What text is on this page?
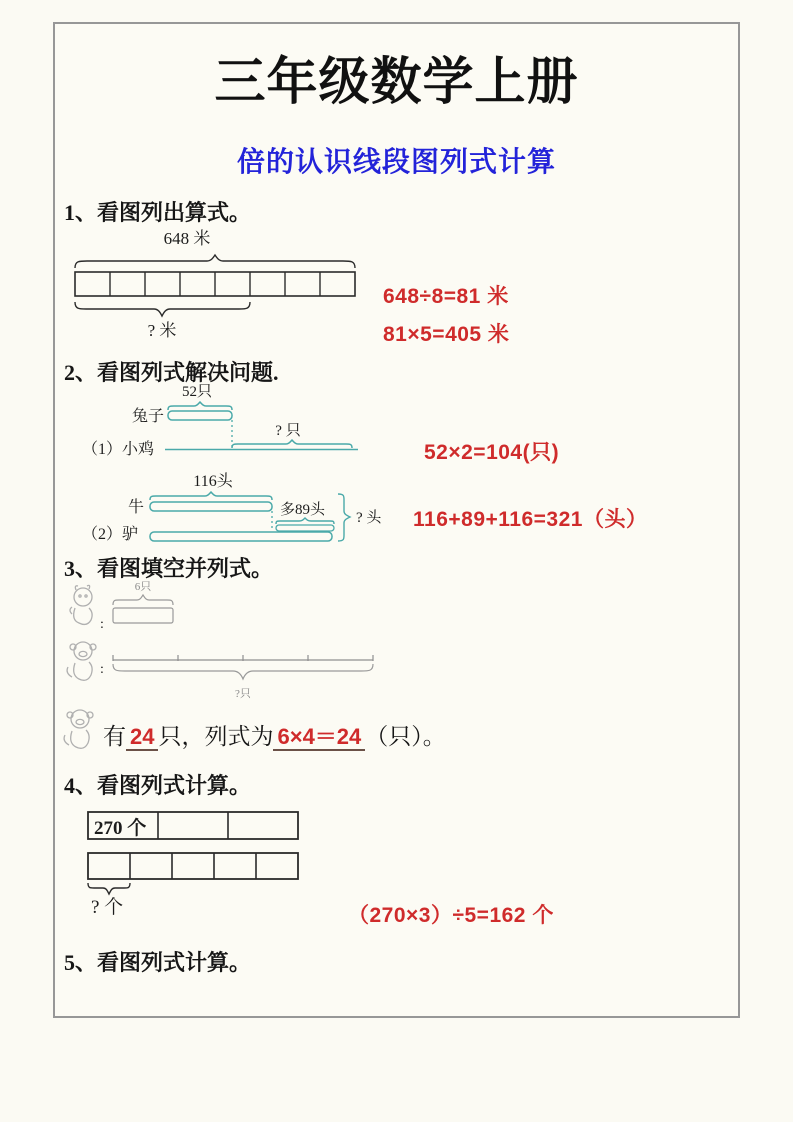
三年级数学上册
倍的认识线段图列式计算
1、看图列出算式。
648 米
? 米
648÷8=81 米
81×5=405 米
2、看图列式解决问题.
52只
兔子
? 只
（1）小鸡	52×2=104(只)
116头
牛	多89头
（2）驴
? 头 116+89+116=321（头）
3、看图填空并列式。
:
6只
:
?只
有 24 只，列式为 6×4＝24 （只）。
4、看图列式计算。
270 个
? 个	（270×3）÷5=162 个
5、看图列式计算。
